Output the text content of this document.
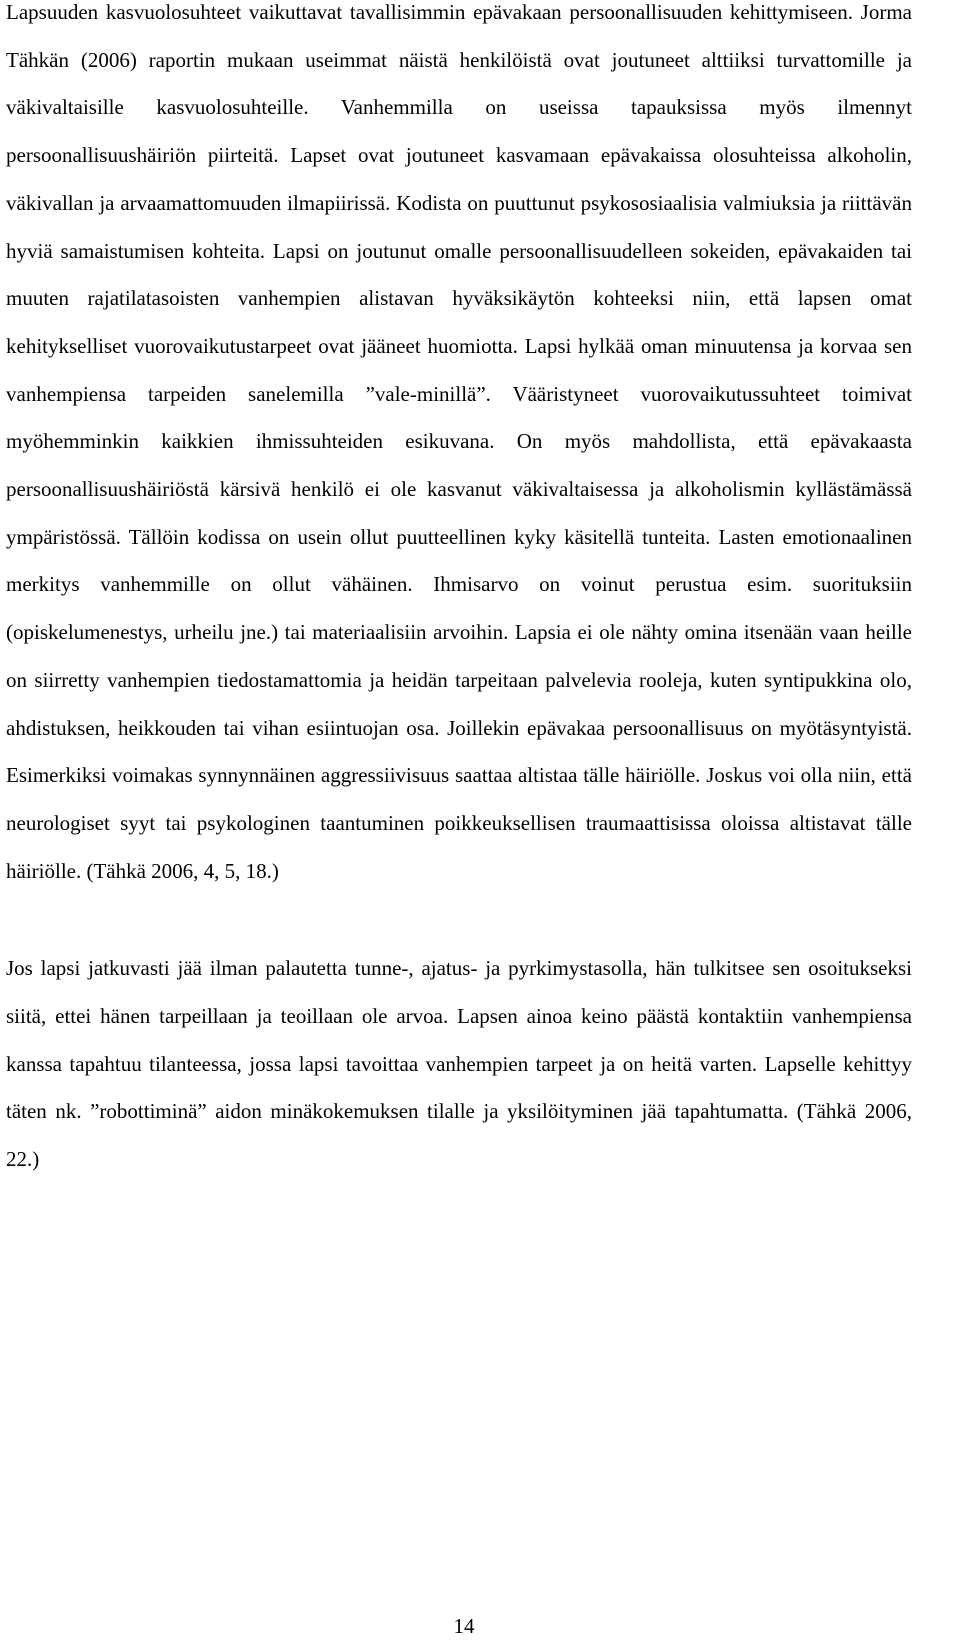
Lapsuuden kasvuolosuhteet vaikuttavat tavallisimmin epävakaan persoonallisuuden kehittymiseen. Jorma Tähkän (2006) raportin mukaan useimmat näistä henkilöistä ovat joutuneet alttiiksi turvattomille ja väkivaltaisille kasvuolosuhteille. Vanhemmilla on useissa tapauksissa myös ilmennyt persoonallisuushäiriön piirteitä. Lapset ovat joutuneet kasvamaan epävakaissa olosuhteissa alkoholin, väkivallan ja arvaamattomuuden ilmapiirissä. Kodista on puuttunut psykososiaalisia valmiuksia ja riittävän hyviä samaistumisen kohteita. Lapsi on joutunut omalle persoonallisuudelleen sokeiden, epävakaiden tai muuten rajatilatasoisten vanhempien alistavan hyväksikäytön kohteeksi niin, että lapsen omat kehitykselliset vuorovaikutustarpeet ovat jääneet huomiotta. Lapsi hylkää oman minuutensa ja korvaa sen vanhempiensa tarpeiden sanelemilla ”vale-minillä”. Vääristyneet vuorovaikutussuhteet toimivat myöhemminkin kaikkien ihmissuhteiden esikuvana. On myös mahdollista, että epävakaasta persoonallisuushäiriöstä kärsivä henkilö ei ole kasvanut väkivaltaisessa ja alkoholismin kyllästämässä ympäristössä. Tällöin kodissa on usein ollut puutteellinen kyky käsitellä tunteita. Lasten emotionaalinen merkitys vanhemmille on ollut vähäinen. Ihmisarvo on voinut perustua esim. suorituksiin (opiskelumenestys, urheilu jne.) tai materiaalisiin arvoihin. Lapsia ei ole nähty omina itsenään vaan heille on siirretty vanhempien tiedostamattomia ja heidän tarpeitaan palvelevia rooleja, kuten syntipukkina olo, ahdistuksen, heikkouden tai vihan esiintuojan osa. Joillekin epävakaa persoonallisuus on myötäsyntyistä. Esimerkiksi voimakas synnynnäinen aggressiivisuus saattaa altistaa tälle häiriölle. Joskus voi olla niin, että neurologiset syyt tai psykologinen taantuminen poikkeuksellisen traumaattisissa oloissa altistavat tälle häiriölle. (Tähkä 2006, 4, 5, 18.)

Jos lapsi jatkuvasti jää ilman palautetta tunne-, ajatus- ja pyrkimystasolla, hän tulkitsee sen osoitukseksi siitä, ettei hänen tarpeillaan ja teoillaan ole arvoa. Lapsen ainoa keino päästä kontaktiin vanhempiensa kanssa tapahtuu tilanteessa, jossa lapsi tavoittaa vanhempien tarpeet ja on heitä varten. Lapselle kehittyy täten nk. ”robottiminä” aidon minäkokemuksen tilalle ja yksilöityminen jää tapahtumatta. (Tähkä 2006, 22.)

14
